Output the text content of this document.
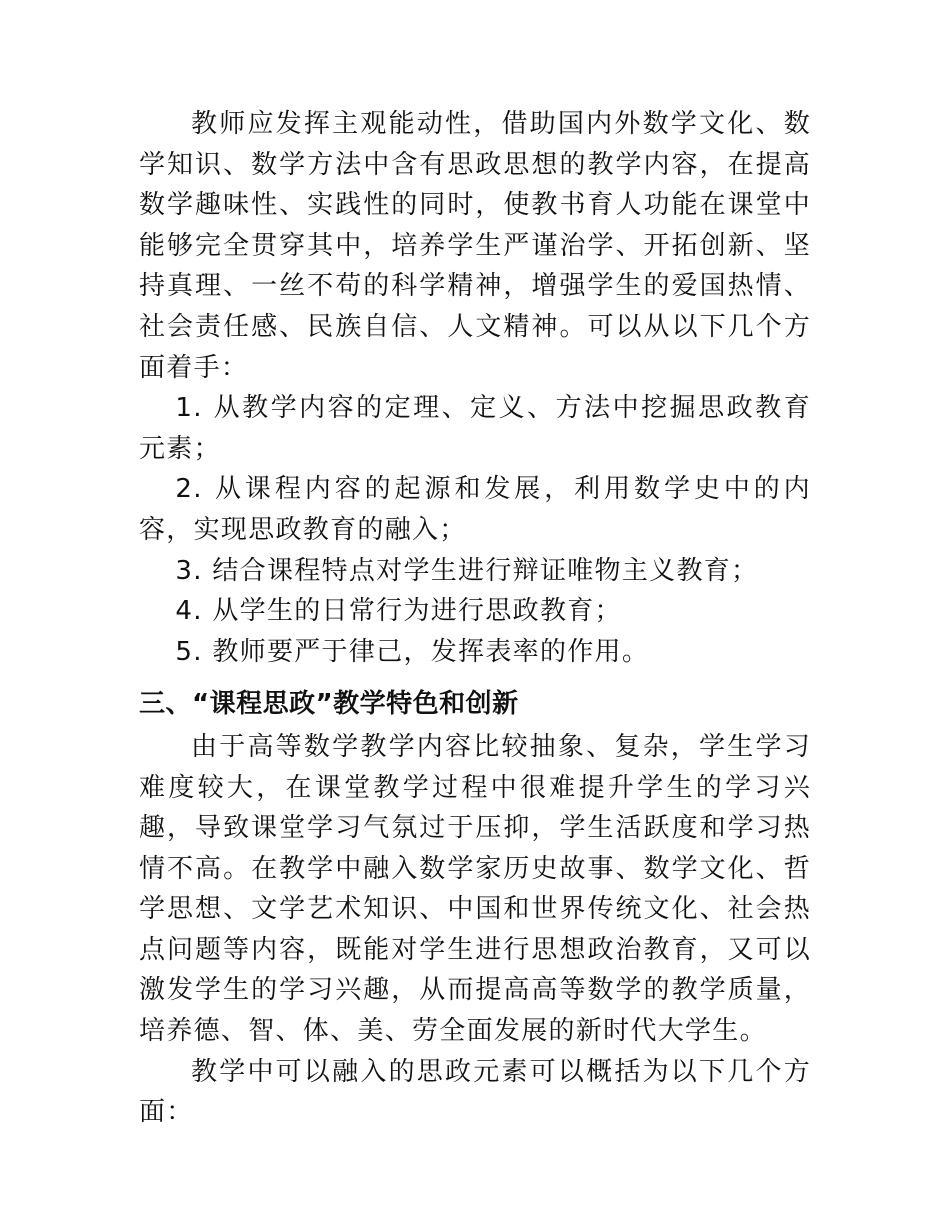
教师应发挥主观能动性，借助国内外数学文化、数学知识、数学方法中含有思政思想的教学内容，在提高数学趣味性、实践性的同时，使教书育人功能在课堂中能够完全贯穿其中，培养学生严谨治学、开拓创新、坚持真理、一丝不苟的科学精神，增强学生的爱国热情、社会责任感、民族自信、人文精神。可以从以下几个方面着手：

1. 从教学内容的定理、定义、方法中挖掘思政教育元素；

2. 从课程内容的起源和发展，利用数学史中的内容，实现思政教育的融入；

3. 结合课程特点对学生进行辩证唯物主义教育；

4. 从学生的日常行为进行思政教育；

5. 教师要严于律己，发挥表率的作用。

三、“课程思政”教学特色和创新

由于高等数学教学内容比较抽象、复杂，学生学习难度较大，在课堂教学过程中很难提升学生的学习兴趣，导致课堂学习气氛过于压抑，学生活跃度和学习热情不高。在教学中融入数学家历史故事、数学文化、哲学思想、文学艺术知识、中国和世界传统文化、社会热点问题等内容，既能对学生进行思想政治教育，又可以激发学生的学习兴趣，从而提高高等数学的教学质量，培养德、智、体、美、劳全面发展的新时代大学生。

教学中可以融入的思政元素可以概括为以下几个方面：
